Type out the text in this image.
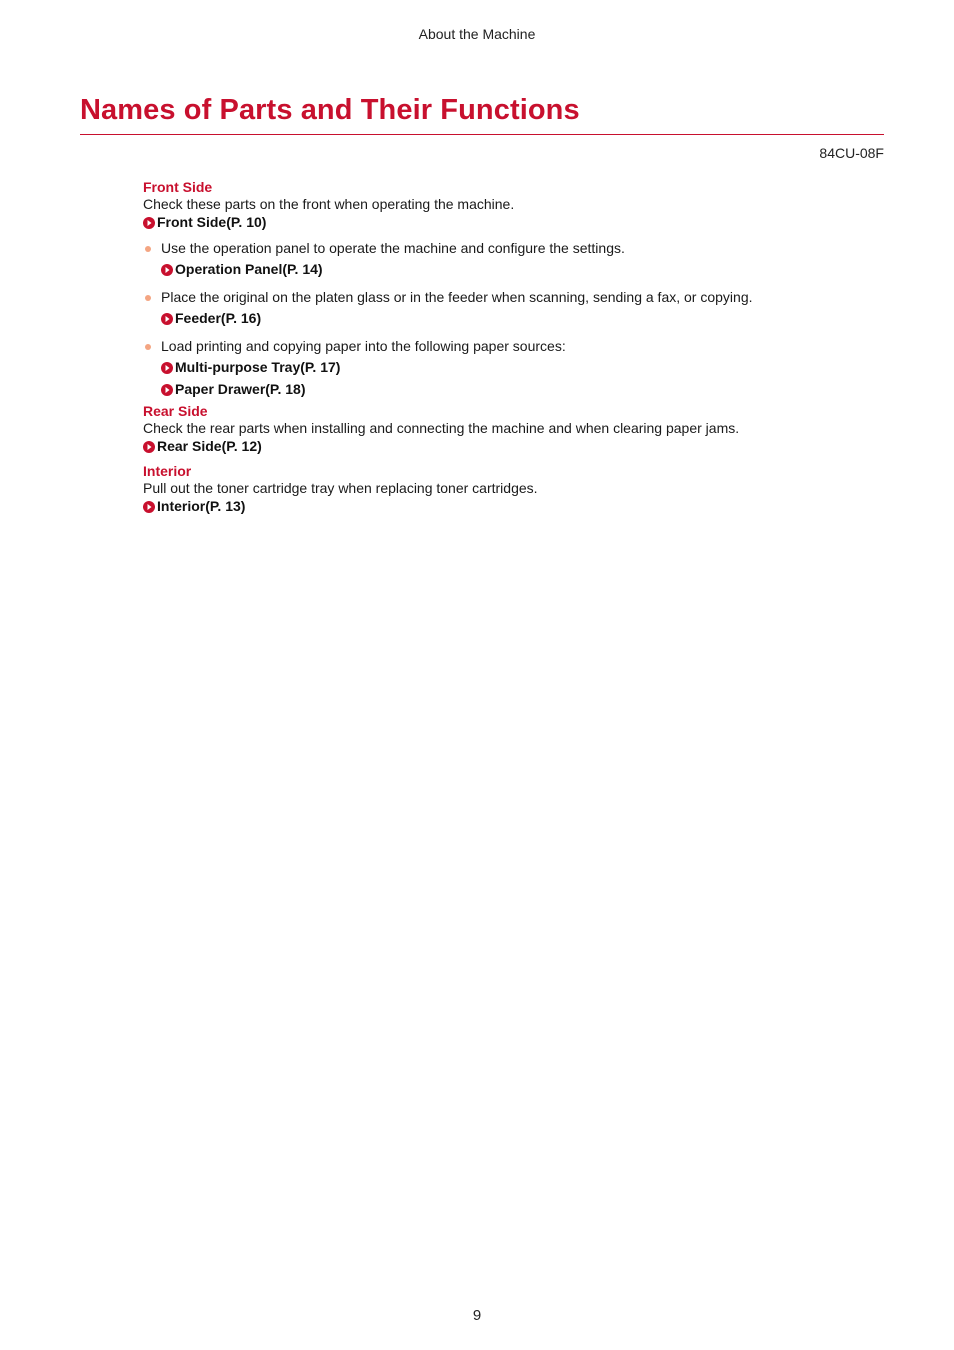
About the Machine
Names of Parts and Their Functions
84CU-08F
Front Side
Check these parts on the front when operating the machine.
Front Side(P. 10)
Use the operation panel to operate the machine and configure the settings.
Operation Panel(P. 14)
Place the original on the platen glass or in the feeder when scanning, sending a fax, or copying.
Feeder(P. 16)
Load printing and copying paper into the following paper sources:
Multi-purpose Tray(P. 17)
Paper Drawer(P. 18)
Rear Side
Check the rear parts when installing and connecting the machine and when clearing paper jams.
Rear Side(P. 12)
Interior
Pull out the toner cartridge tray when replacing toner cartridges.
Interior(P. 13)
9
